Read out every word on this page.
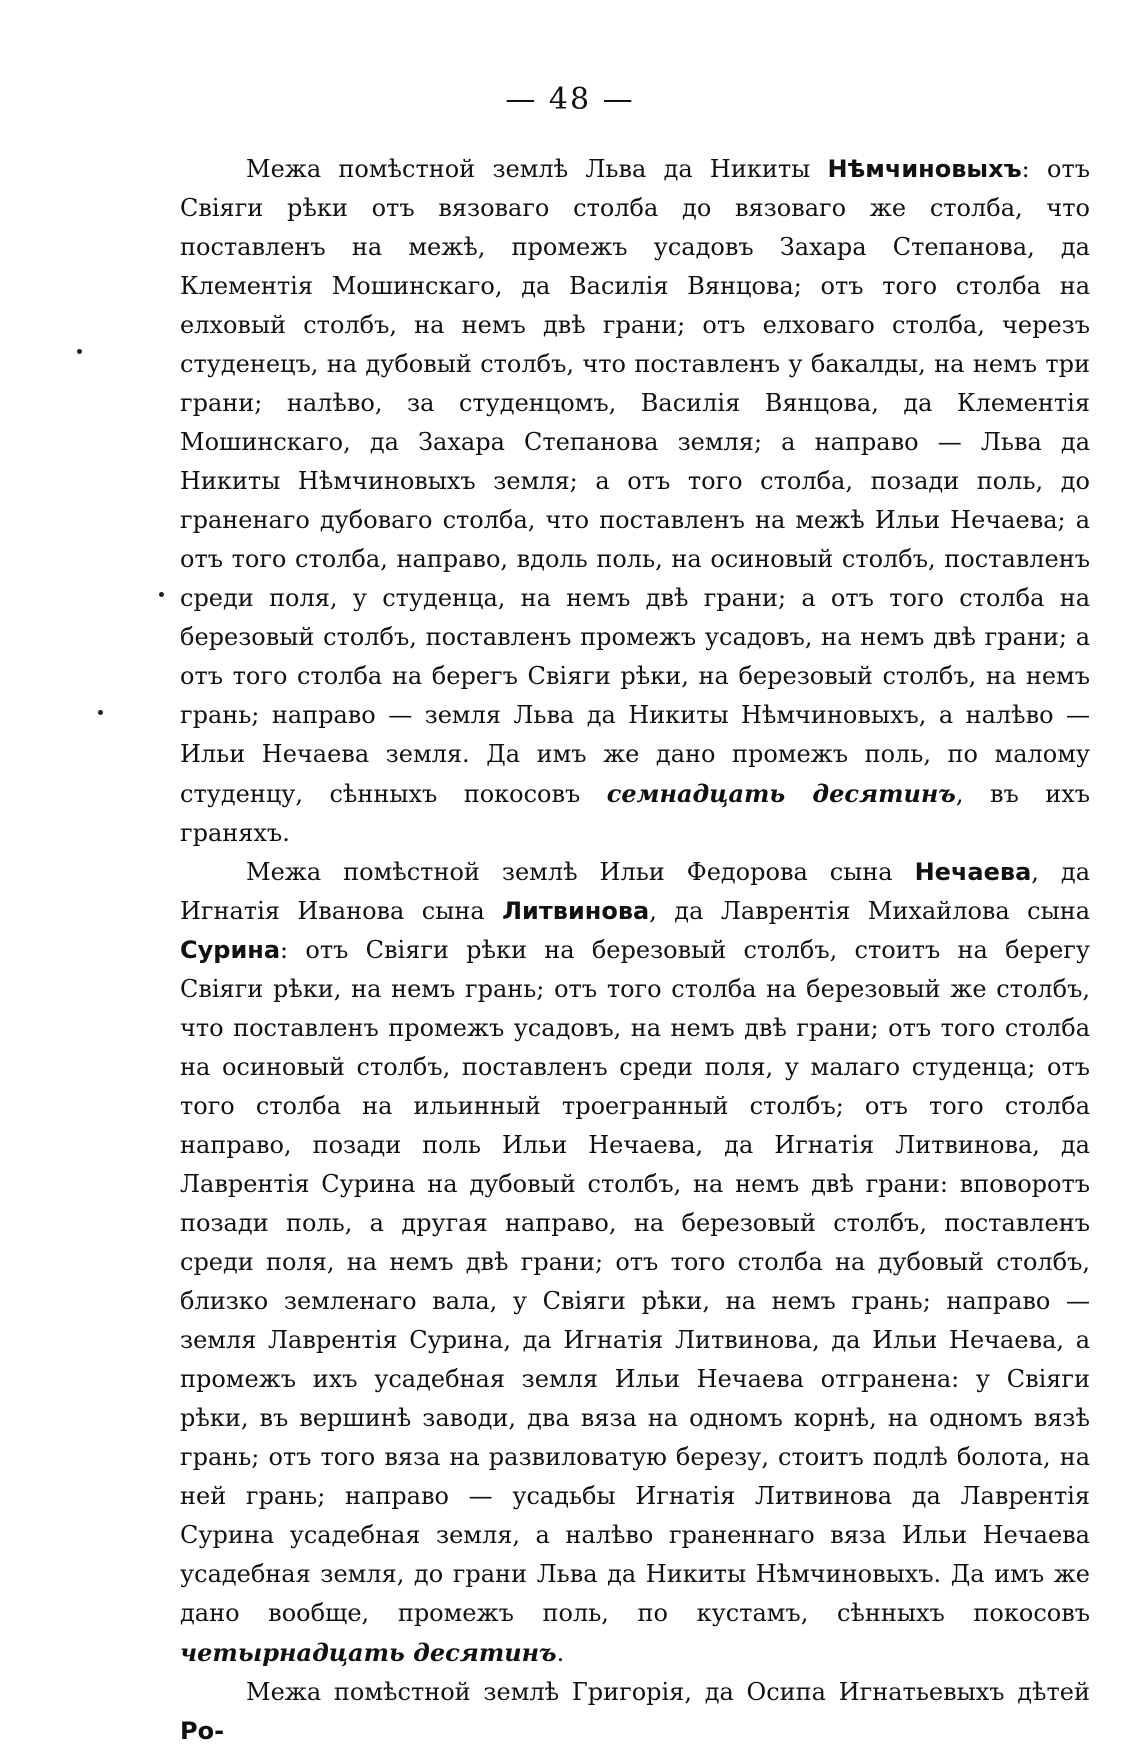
— 48 —

Межа помѣстной землѣ Льва да Никиты Нѣмчиновыхъ: отъ Свіяги рѣки отъ вязоваго столба до вязоваго же столба, что поставленъ на межѣ, промежъ усадовъ Захара Степанова, да Клементія Мошинскаго, да Василія Вянцова; отъ того столба на елховый столбъ, на немъ двѣ грани; отъ елховаго столба, черезъ студенецъ, на дубовый столбъ, что поставленъ у бакалды, на немъ три грани; налѣво, за студенцомъ, Василія Вянцова, да Клементія Мошинскаго, да Захара Степанова земля; а направо — Льва да Никиты Нѣмчиновыхъ земля; а отъ того столба, позади поль, до граненаго дубоваго столба, что поставленъ на межѣ Ильи Нечаева; а отъ того столба, направо, вдоль поль, на осиновый столбъ, поставленъ среди поля, у студенца, на немъ двѣ грани; а отъ того столба на березовый столбъ, поставленъ промежъ усадовъ, на немъ двѣ грани; а отъ того столба на берегъ Свіяги рѣки, на березовый столбъ, на немъ грань; направо — земля Льва да Никиты Нѣмчиновыхъ, а налѣво — Ильи Нечаева земля. Да имъ же дано промежъ поль, по малому студенцу, сѣнныхъ покосовъ семнадцать десятинъ, въ ихъ граняхъ.

Межа помѣстной землѣ Ильи Федорова сына Нечаева, да Игнатія Иванова сына Литвинова, да Лаврентія Михайлова сына Сурина: отъ Свіяги рѣки на березовый столбъ, стоитъ на берегу Свіяги рѣки, на немъ грань; отъ того столба на березовый же столбъ, что поставленъ промежъ усадовъ, на немъ двѣ грани; отъ того столба на осиновый столбъ, поставленъ среди поля, у малаго студенца; отъ того столба на ильинный троегранный столбъ; отъ того столба направо, позади поль Ильи Нечаева, да Игнатія Литвинова, да Лаврентія Сурина на дубовый столбъ, на немъ двѣ грани: вповоротъ позади поль, а другая направо, на березовый столбъ, поставленъ среди поля, на немъ двѣ грани; отъ того столба на дубовый столбъ, близко земленаго вала, у Свіяги рѣки, на немъ грань; направо — земля Лаврентія Сурина, да Игнатія Литвинова, да Ильи Нечаева, а промежъ ихъ усадебная земля Ильи Нечаева отгранена: у Свіяги рѣки, въ вершинѣ заводи, два вяза на одномъ корнѣ, на одномъ вязѣ грань; отъ того вяза на развиловатую березу, стоитъ подлѣ болота, на ней грань; направо — усадьбы Игнатія Литвинова да Лаврентія Сурина усадебная земля, а налѣво граненнаго вяза Ильи Нечаева усадебная земля, до грани Льва да Никиты Нѣмчиновыхъ. Да имъ же дано вообще, промежъ поль, по кустамъ, сѣнныхъ покосовъ четырнадцать десятинъ.

Межа помѣстной землѣ Григорія, да Осипа Игнатьевыхъ дѣтей Ро-
